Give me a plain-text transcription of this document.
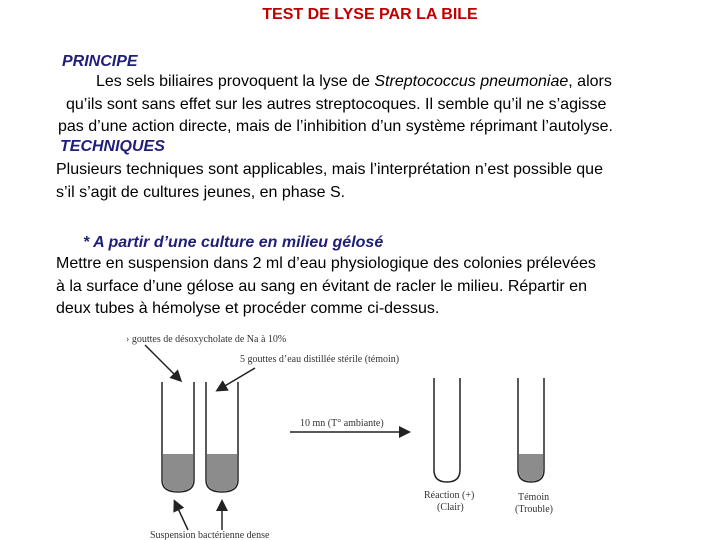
TEST DE LYSE PAR LA BILE
PRINCIPE
Les sels biliaires provoquent la lyse de Streptococcus pneumoniae, alors
qu’ils sont sans effet sur les autres streptocoques. Il semble qu’il ne s’agisse
pas d’une action directe, mais de l’inhibition d’un système réprimant l’autolyse.
TECHNIQUES
Plusieurs techniques sont applicables, mais l’interprétation n’est possible que
s’il s’agit de cultures jeunes, en phase S.
* A partir d’une culture en milieu gélosé
Mettre en suspension dans 2 ml d’eau physiologique des colonies prélevées
à la surface d’une gélose au sang en évitant de racler le milieu. Répartir en
deux tubes à hémolyse et procéder comme ci-dessus.
› gouttes de désoxycholate de Na à 10%
5 gouttes d’eau distillée stérile (témoin)
10 mn (T° ambiante)
Réaction (+)
(Clair)
Témoin
(Trouble)
Suspension bactérienne dense
